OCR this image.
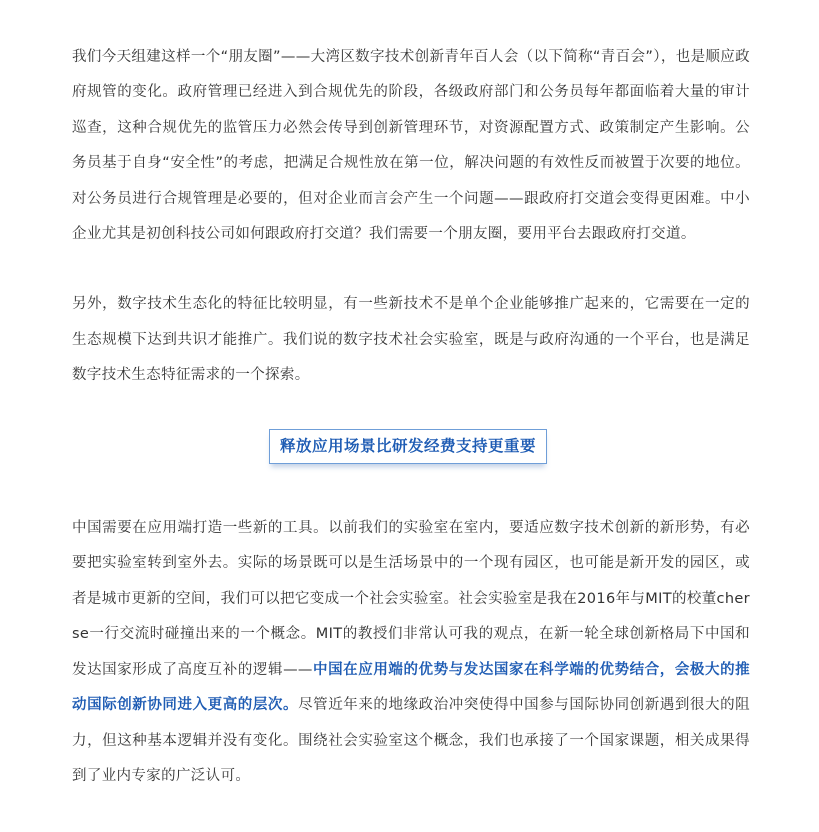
我们今天组建这样一个“朋友圈”——大湾区数字技术创新青年百人会（以下简称“青百会”），也是顺应政府规管的变化。政府管理已经进入到合规优先的阶段，各级政府部门和公务员每年都面临着大量的审计巡查，这种合规优先的监管压力必然会传导到创新管理环节，对资源配置方式、政策制定产生影响。公务员基于自身“安全性”的考虑，把满足合规性放在第一位，解决问题的有效性反而被置于次要的地位。对公务员进行合规管理是必要的，但对企业而言会产生一个问题——跟政府打交道会变得更困难。中小企业尤其是初创科技公司如何跟政府打交道？我们需要一个朋友圈，要用平台去跟政府打交道。

另外，数字技术生态化的特征比较明显，有一些新技术不是单个企业能够推广起来的，它需要在一定的生态规模下达到共识才能推广。我们说的数字技术社会实验室，既是与政府沟通的一个平台，也是满足数字技术生态特征需求的一个探索。

释放应用场景比研发经费支持更重要

中国需要在应用端打造一些新的工具。以前我们的实验室在室内，要适应数字技术创新的新形势，有必要把实验室转到室外去。实际的场景既可以是生活场景中的一个现有园区，也可能是新开发的园区，或者是城市更新的空间，我们可以把它变成一个社会实验室。社会实验室是我在2016年与MIT的校董cherse一行交流时碰撞出来的一个概念。MIT的教授们非常认可我的观点，在新一轮全球创新格局下中国和发达国家形成了高度互补的逻辑——中国在应用端的优势与发达国家在科学端的优势结合，会极大的推动国际创新协同进入更高的层次。尽管近年来的地缘政治冲突使得中国参与国际协同创新遇到很大的阻力，但这种基本逻辑并没有变化。围绕社会实验室这个概念，我们也承接了一个国家课题，相关成果得到了业内专家的广泛认可。
